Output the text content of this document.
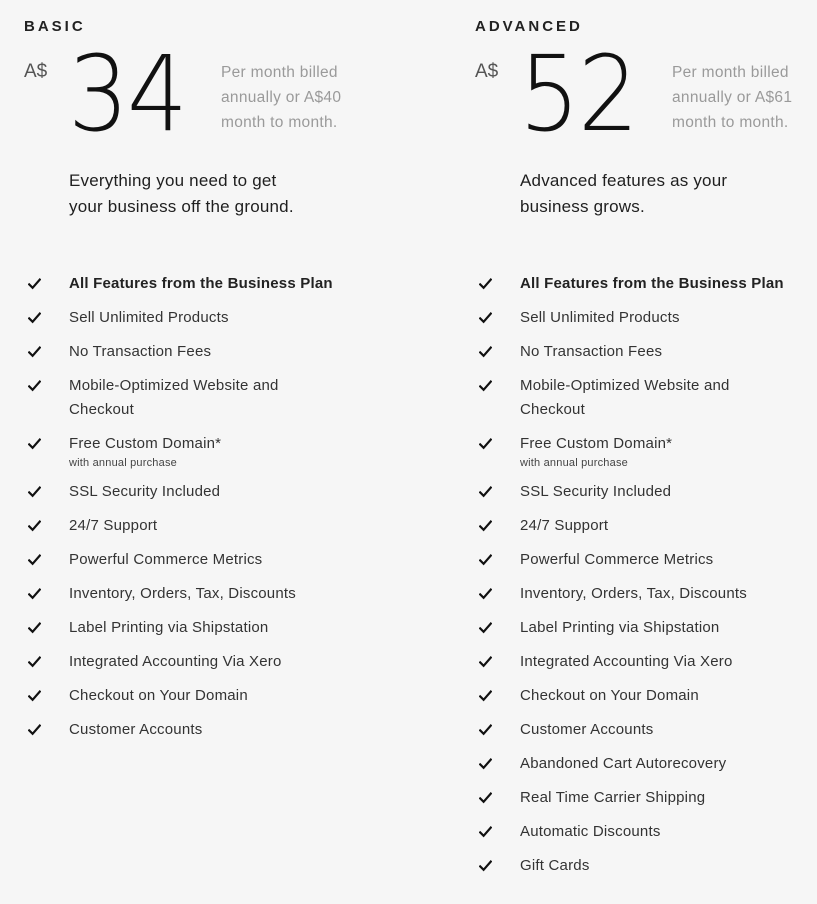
BASIC
A$ 34 Per month billed
annually or A$40
month to month.
Everything you need to get
your business off the ground.
All Features from the Business Plan
Sell Unlimited Products
No Transaction Fees
Mobile-Optimized Website and
Checkout
Free Custom Domain*
with annual purchase
SSL Security Included
24/7 Support
Powerful Commerce Metrics
Inventory, Orders, Tax, Discounts
Label Printing via Shipstation
Integrated Accounting Via Xero
Checkout on Your Domain
Customer Accounts
ADVANCED
A$ 52 Per month billed
annually or A$61
month to month.
Advanced features as your
business grows.
All Features from the Business Plan
Sell Unlimited Products
No Transaction Fees
Mobile-Optimized Website and
Checkout
Free Custom Domain*
with annual purchase
SSL Security Included
24/7 Support
Powerful Commerce Metrics
Inventory, Orders, Tax, Discounts
Label Printing via Shipstation
Integrated Accounting Via Xero
Checkout on Your Domain
Customer Accounts
Abandoned Cart Autorecovery
Real Time Carrier Shipping
Automatic Discounts
Gift Cards
